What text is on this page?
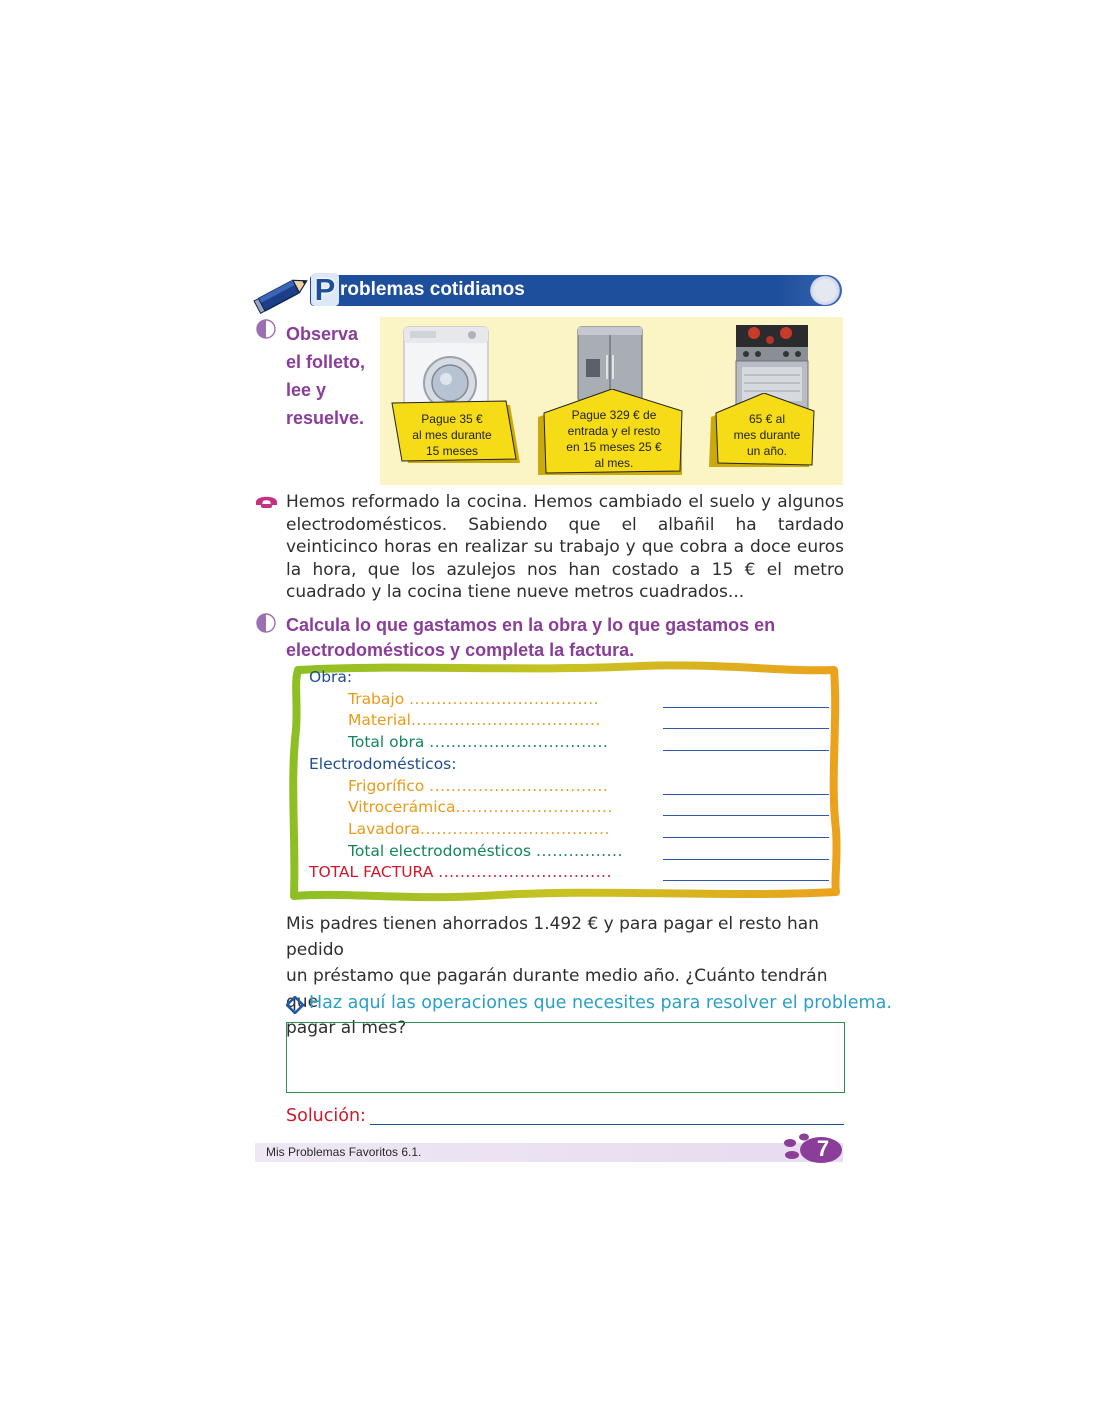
P roblemas cotidianos
Observa
el folleto,
lee y
resuelve.	Pague 35 €
al mes durante
15 meses
Pague 329 € de
entrada y el resto
en 15 meses 25 €
al mes.
65 € al
mes durante
un año.
Hemos reformado la cocina. Hemos cambiado el suelo y algunos electrodomésticos. Sabiendo que el albañil ha tardado veinticinco horas en realizar su trabajo y que cobra a doce euros la hora, que los azulejos nos han costado a 15 € el metro cuadrado y la cocina tiene nueve metros cuadrados...
Calcula lo que gastamos en la obra y lo que gastamos en
electrodomésticos y completa la factura.
Obra:
Trabajo ...................................
Material...................................
Total obra .................................
Electrodomésticos:
Frigorífico .................................
Vitrocerámica.............................
Lavadora...................................
Total electrodomésticos ................
TOTAL FACTURA ................................
Mis padres tienen ahorrados 1.492 € y para pagar el resto han pedido
un préstamo que pagarán durante medio año. ¿Cuánto tendrán que
pagar al mes?
Haz aquí las operaciones que necesites para resolver el problema.
Solución:
Mis Problemas Favoritos 6.1.	7
